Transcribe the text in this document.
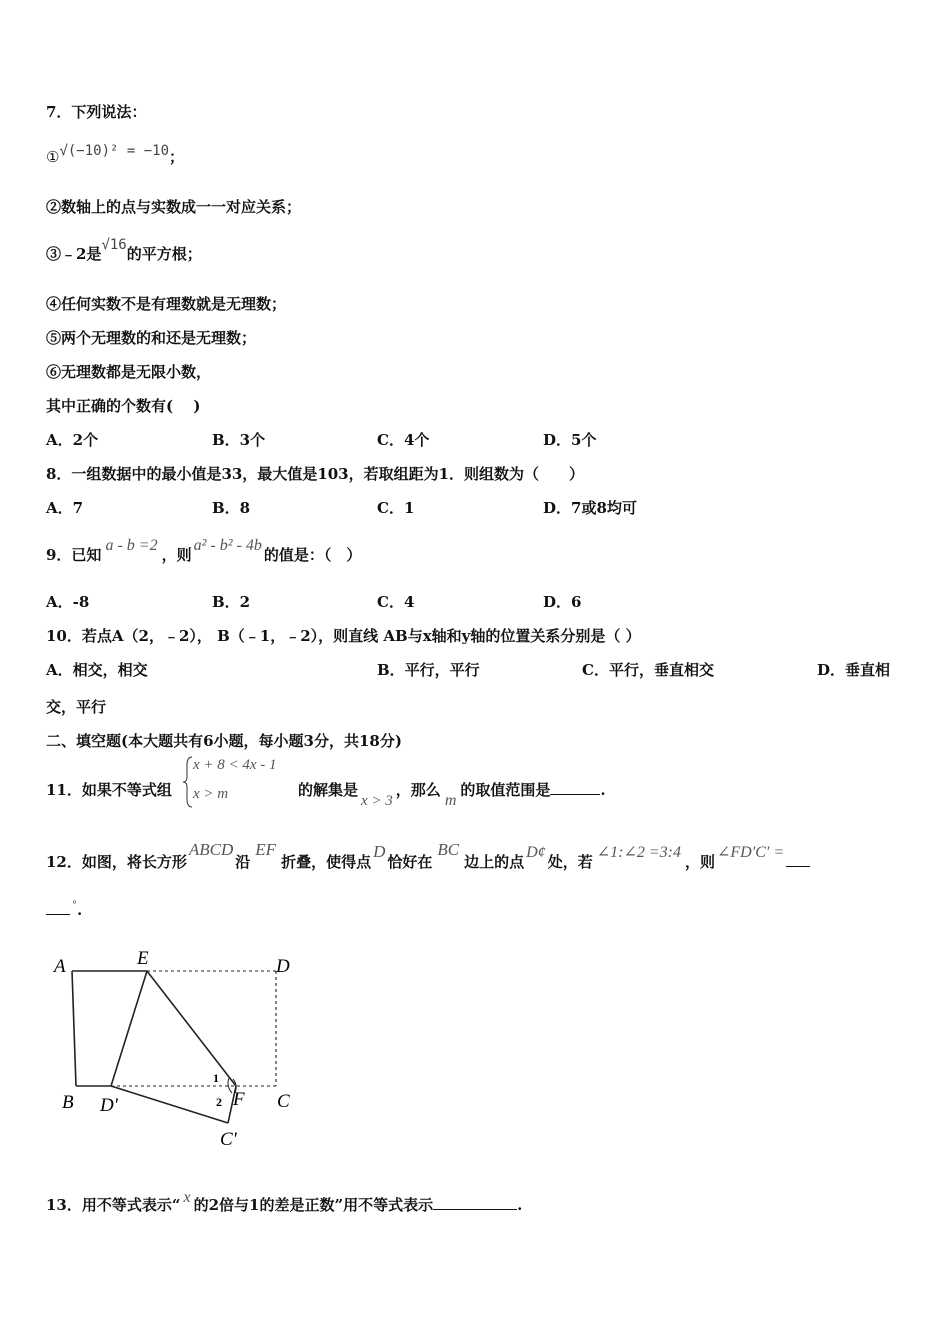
7．下列说法：
①√(−10)² = −10；
②数轴上的点与实数成一一对应关系；
③﹣2是√16的平方根；
④任何实数不是有理数就是无理数；
⑤两个无理数的和还是无理数；
⑥无理数都是无限小数，
其中正确的个数有(　 )
A．2个	B．3个	C．4个	D．5个
8．一组数据中的最小值是33，最大值是103，若取组距为1．则组数为（　　）
A．7	B．8	C．1	D．7或8均可
9．已知a - b =2，则a² - b² - 4b的值是：（　）
A．-8	B．2	C．4	D．6
10．若点A（2，﹣2）， B（﹣1，﹣2），则直线 AB与x轴和y轴的位置关系分别是（ ）
A．相交，相交	B．平行，平行	C．平行，垂直相交	D．垂直相
交，平行
二、填空题(本大题共有6小题，每小题3分，共18分)
11．如果不等式组
x + 8 < 4x - 1
x > m	的解集是x > 3，那么m的取值范围是	.
12．如图，将长方形ABCD沿EF折叠，使得点D恰好在BC边上的点D¢处，若∠1:∠2 =3:4，则∠FD′C′ =
°.
A	E	D
B D'	C
F
C'
1
2
13．用不等式表示“ x 的2倍与1的差是正数”用不等式表示	.
